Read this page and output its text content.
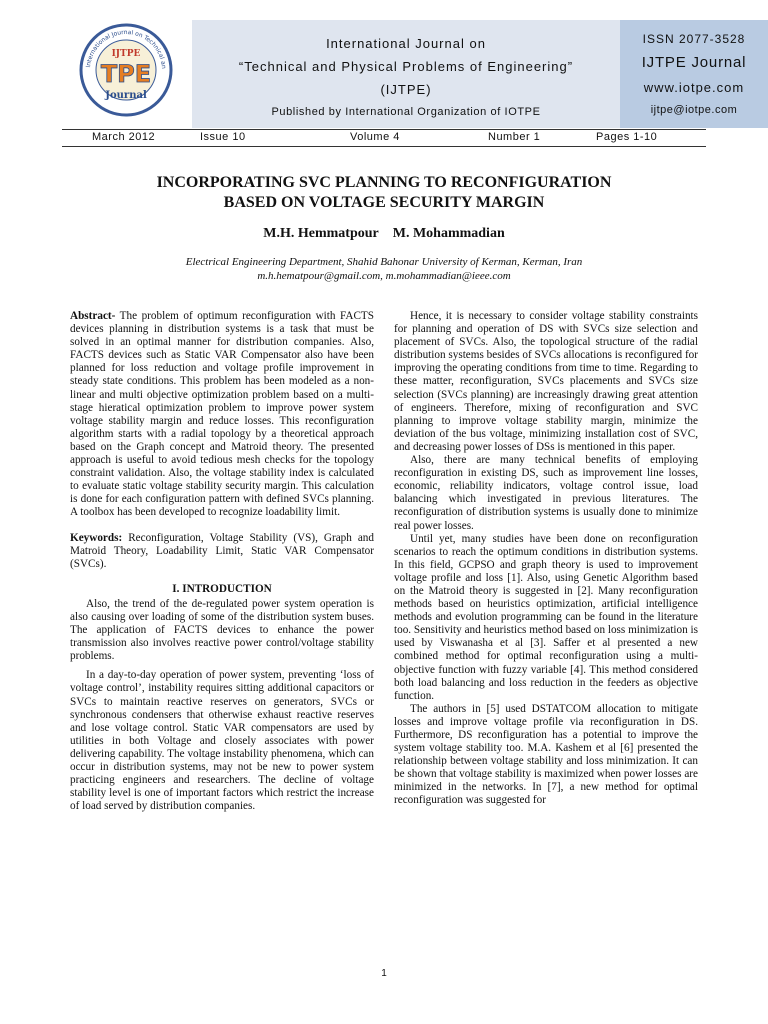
International Journal on Technical an
IJTPE
TPE
Journal
International Journal on
“Technical and Physical Problems of Engineering”
(IJTPE)
Published by International Organization of IOTPE
ISSN 2077-3528
IJTPE Journal
www.iotpe.com
ijtpe@iotpe.com
March 2012	Issue 10	Volume 4	Number 1	Pages 1-10
INCORPORATING SVC PLANNING TO RECONFIGURATION
BASED ON VOLTAGE SECURITY MARGIN
M.H. Hemmatpour M. Mohammadian
Electrical Engineering Department, Shahid Bahonar University of Kerman, Kerman, Iran
m.h.hematpour@gmail.com, m.mohammadian@ieee.com

Abstract- The problem of optimum reconfiguration with FACTS devices planning in distribution systems is a task that must be solved in an optimal manner for distribution companies. Also, FACTS devices such as Static VAR Compensator also have been planned for loss reduction and voltage profile improvement in steady state conditions. This problem has been modeled as a non-linear and multi objective optimization problem based on a multi-stage hieratical optimization problem to improve power system voltage stability margin and reduce losses. This reconfiguration algorithm starts with a radial topology by a theoretical approach based on the Graph concept and Matroid theory. The presented approach is useful to avoid tedious mesh checks for the topology constraint validation. Also, the voltage stability index is calculated to evaluate static voltage stability security margin. This calculation is done for each configuration pattern with defined SVCs planning. A toolbox has been developed to recognize loadability limit.

Keywords: Reconfiguration, Voltage Stability (VS), Graph and Matroid Theory, Loadability Limit, Static VAR Compensator (SVCs).

I. INTRODUCTION

Also, the trend of the de-regulated power system operation is also causing over loading of some of the distribution system buses. The application of FACTS devices to enhance the power transmission also involves reactive power control/voltage stability problems.

In a day-to-day operation of power system, preventing ‘loss of voltage control’, instability requires sitting additional capacitors or SVCs to maintain reactive reserves on generators, SVCs or synchronous condensers that otherwise exhaust reactive reserves and lose voltage control. Static VAR compensators are used by utilities in both Voltage and closely associates with power delivering capability. The voltage instability phenomena, which can occur in distribution systems, may not be new to power system practicing engineers and researchers. The decline of voltage stability level is one of important factors which restrict the increase of load served by distribution companies.

Hence, it is necessary to consider voltage stability constraints for planning and operation of DS with SVCs size selection and placement of SVCs. Also, the topological structure of the radial distribution systems besides of SVCs allocations is reconfigured for improving the operating conditions from time to time. Regarding to these matter, reconfiguration, SVCs placements and SVCs size selection (SVCs planning) are increasingly drawing great attention of engineers. Therefore, mixing of reconfiguration and SVC planning to improve voltage stability margin, minimize the deviation of the bus voltage, minimizing installation cost of SVC, and decreasing power losses of DSs is mentioned in this paper.

Also, there are many technical benefits of employing reconfiguration in existing DS, such as improvement line losses, economic, reliability indicators, voltage control issue, load balancing which investigated in previous literatures. The reconfiguration of distribution systems is usually done to minimize real power losses.

Until yet, many studies have been done on reconfiguration scenarios to reach the optimum conditions in distribution systems. In this field, GCPSO and graph theory is used to improvement voltage profile and loss [1]. Also, using Genetic Algorithm based on the Matroid theory is suggested in [2]. Many reconfiguration methods based on heuristics optimization, artificial intelligence methods and evolution programming can be found in the literature too. Sensitivity and heuristics method based on loss minimization is used by Viswanasha et al [3]. Saffer et al presented a new combined method for optimal reconfiguration using a multi-objective function with fuzzy variable [4]. This method considered both load balancing and loss reduction in the feeders as objective function.

The authors in [5] used DSTATCOM allocation to mitigate losses and improve voltage profile via reconfiguration in DS. Furthermore, DS reconfiguration has a potential to improve the system voltage stability too. M.A. Kashem et al [6] presented the relationship between voltage stability and loss minimization. It can be shown that voltage stability is maximized when power losses are minimized in the networks. In [7], a new method for optimal reconfiguration was suggested for

1
